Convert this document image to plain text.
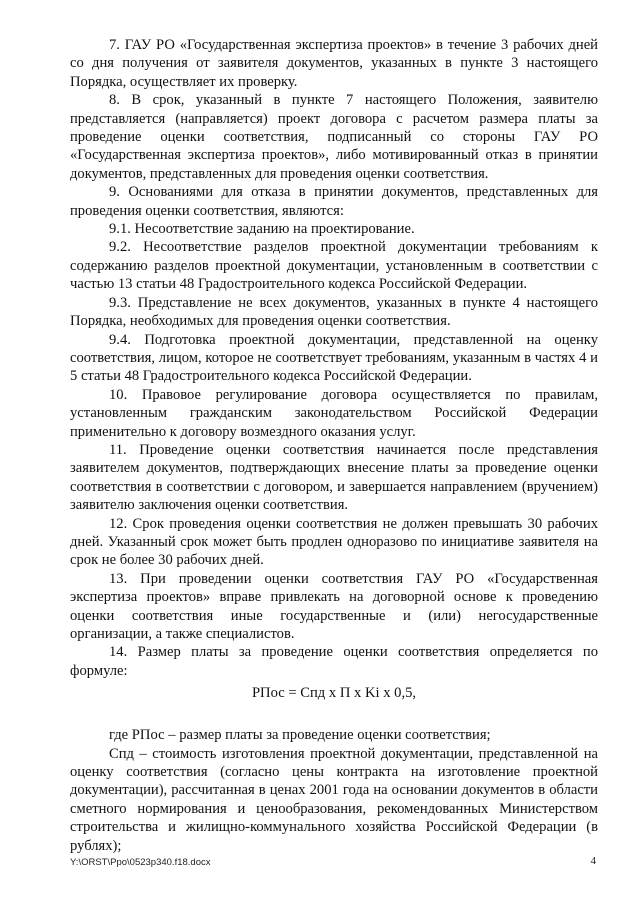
7. ГАУ РО «Государственная экспертиза проектов» в течение 3 рабочих дней со дня получения от заявителя документов, указанных в пункте 3 настоящего Порядка, осуществляет их проверку.

8. В срок, указанный в пункте 7 настоящего Положения, заявителю представляется (направляется) проект договора с расчетом размера платы за проведение оценки соответствия, подписанный со стороны ГАУ РО «Государственная экспертиза проектов», либо мотивированный отказ в принятии документов, представленных для проведения оценки соответствия.

9. Основаниями для отказа в принятии документов, представленных для проведения оценки соответствия, являются:

9.1. Несоответствие заданию на проектирование.

9.2. Несоответствие разделов проектной документации требованиям к содержанию разделов проектной документации, установленным в соответствии с частью 13 статьи 48 Градостроительного кодекса Российской Федерации.

9.3. Представление не всех документов, указанных в пункте 4 настоящего Порядка, необходимых для проведения оценки соответствия.

9.4. Подготовка проектной документации, представленной на оценку соответствия, лицом, которое не соответствует требованиям, указанным в частях 4 и 5 статьи 48 Градостроительного кодекса Российской Федерации.

10. Правовое регулирование договора осуществляется по правилам, установленным гражданским законодательством Российской Федерации применительно к договору возмездного оказания услуг.

11. Проведение оценки соответствия начинается после представления заявителем документов, подтверждающих внесение платы за проведение оценки соответствия в соответствии с договором, и завершается направлением (вручением) заявителю заключения оценки соответствия.

12. Срок проведения оценки соответствия не должен превышать 30 рабочих дней. Указанный срок может быть продлен одноразово по инициативе заявителя на срок не более 30 рабочих дней.

13. При проведении оценки соответствия ГАУ РО «Государственная экспертиза проектов» вправе привлекать на договорной основе к проведению оценки соответствия иные государственные и (или) негосударственные организации, а также специалистов.

14. Размер платы за проведение оценки соответствия определяется по формуле:

РПос = Спд х П х Ki х 0,5,

где РПос – размер платы за проведение оценки соответствия;

Спд – стоимость изготовления проектной документации, представленной на оценку соответствия (согласно цены контракта на изготовление проектной документации), рассчитанная в ценах 2001 года на основании документов в области сметного нормирования и ценообразования, рекомендованных Министерством строительства и жилищно-коммунального хозяйства Российской Федерации (в рублях);

Y:\ORST\Ppo\0523p340.f18.docx	4
